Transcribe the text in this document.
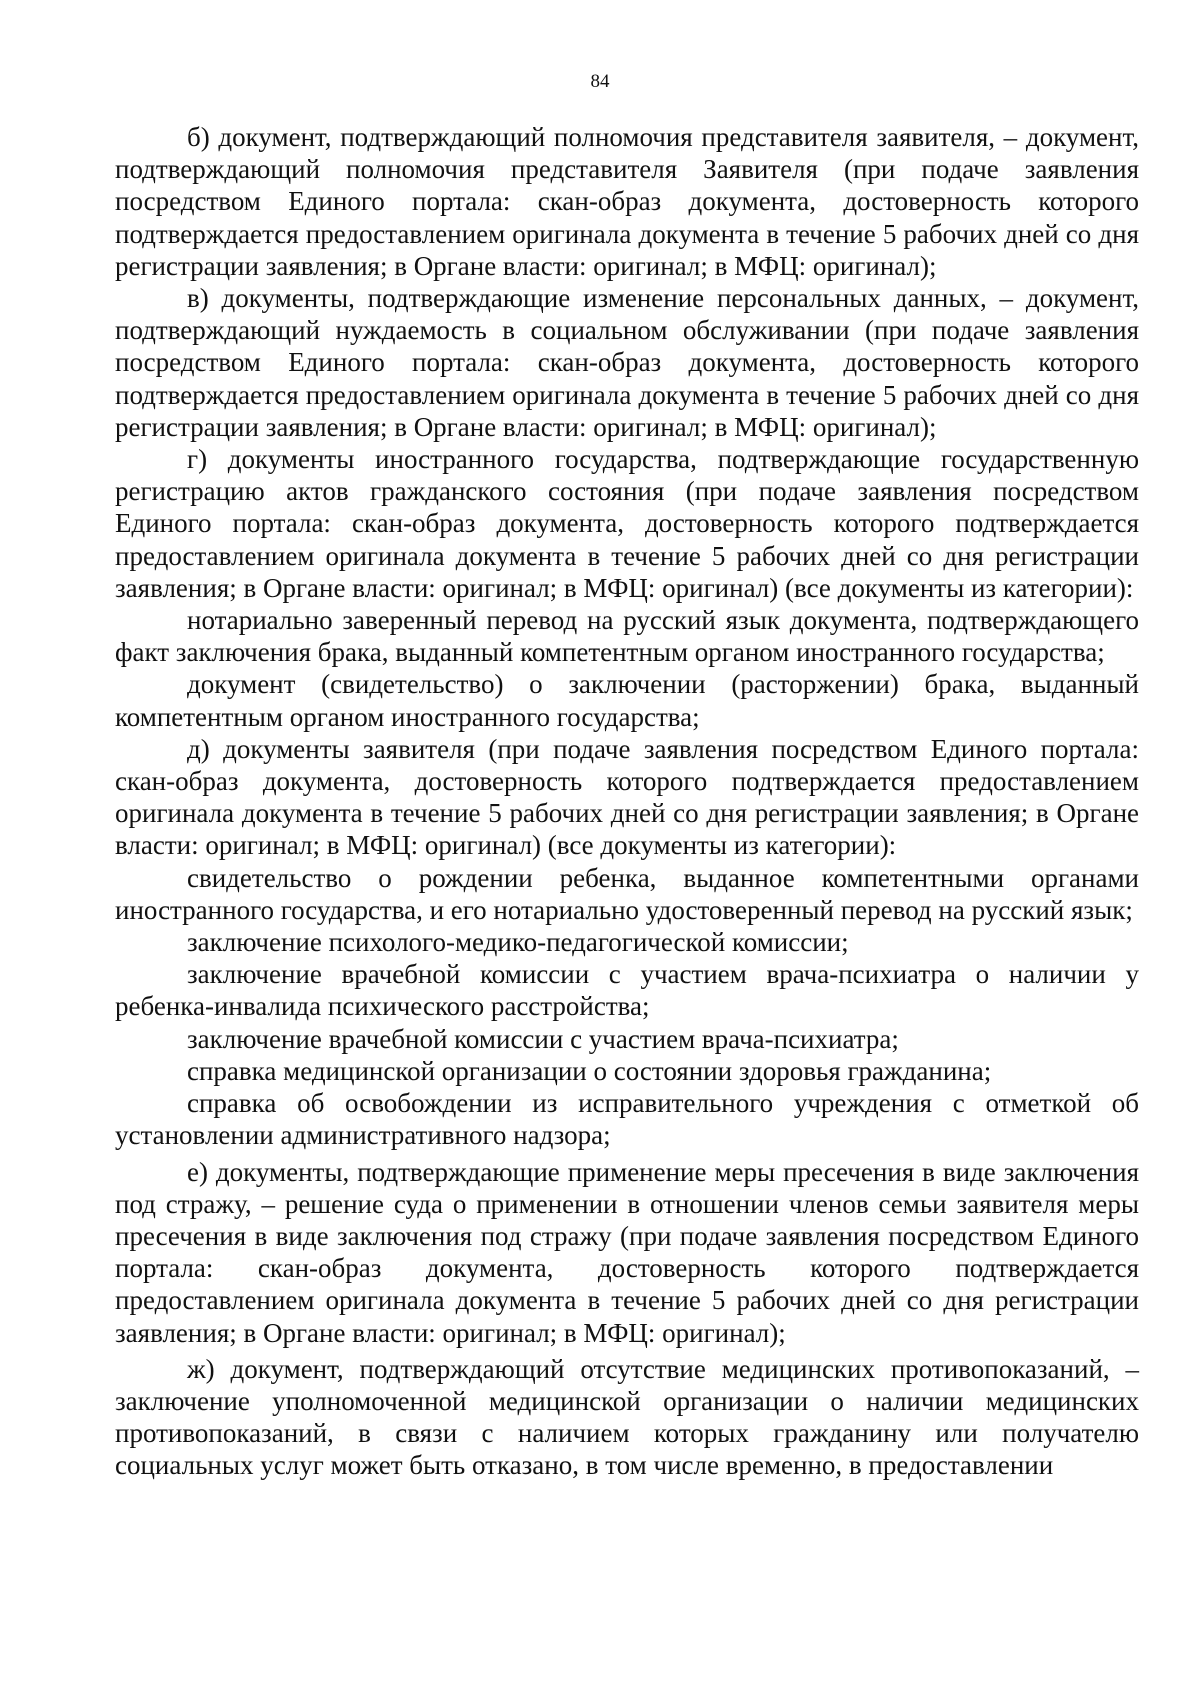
84

б) документ, подтверждающий полномочия представителя заявителя, – документ, подтверждающий полномочия представителя Заявителя (при подаче заявления посредством Единого портала: скан-образ документа, достоверность которого подтверждается предоставлением оригинала документа в течение 5 рабочих дней со дня регистрации заявления; в Органе власти: оригинал; в МФЦ: оригинал);

в) документы, подтверждающие изменение персональных данных, – документ, подтверждающий нуждаемость в социальном обслуживании (при подаче заявления посредством Единого портала: скан-образ документа, достоверность которого подтверждается предоставлением оригинала документа в течение 5 рабочих дней со дня регистрации заявления; в Органе власти: оригинал; в МФЦ: оригинал);

г) документы иностранного государства, подтверждающие государственную регистрацию актов гражданского состояния (при подаче заявления посредством Единого портала: скан-образ документа, достоверность которого подтверждается предоставлением оригинала документа в течение 5 рабочих дней со дня регистрации заявления; в Органе власти: оригинал; в МФЦ: оригинал) (все документы из категории):

нотариально заверенный перевод на русский язык документа, подтверждающего факт заключения брака, выданный компетентным органом иностранного государства;

документ (свидетельство) о заключении (расторжении) брака, выданный компетентным органом иностранного государства;

д) документы заявителя (при подаче заявления посредством Единого портала: скан-образ документа, достоверность которого подтверждается предоставлением оригинала документа в течение 5 рабочих дней со дня регистрации заявления; в Органе власти: оригинал; в МФЦ: оригинал) (все документы из категории):

свидетельство о рождении ребенка, выданное компетентными органами иностранного государства, и его нотариально удостоверенный перевод на русский язык;

заключение психолого-медико-педагогической комиссии;

заключение врачебной комиссии с участием врача-психиатра о наличии у ребенка-инвалида психического расстройства;

заключение врачебной комиссии с участием врача-психиатра;

справка медицинской организации о состоянии здоровья гражданина;

справка об освобождении из исправительного учреждения с отметкой об установлении административного надзора;

е) документы, подтверждающие применение меры пресечения в виде заключения под стражу, – решение суда о применении в отношении членов семьи заявителя меры пресечения в виде заключения под стражу (при подаче заявления посредством Единого портала: скан-образ документа, достоверность которого подтверждается предоставлением оригинала документа в течение 5 рабочих дней со дня регистрации заявления; в Органе власти: оригинал; в МФЦ: оригинал);

ж) документ, подтверждающий отсутствие медицинских противопоказаний, – заключение уполномоченной медицинской организации о наличии медицинских противопоказаний, в связи с наличием которых гражданину или получателю социальных услуг может быть отказано, в том числе временно, в предоставлении
